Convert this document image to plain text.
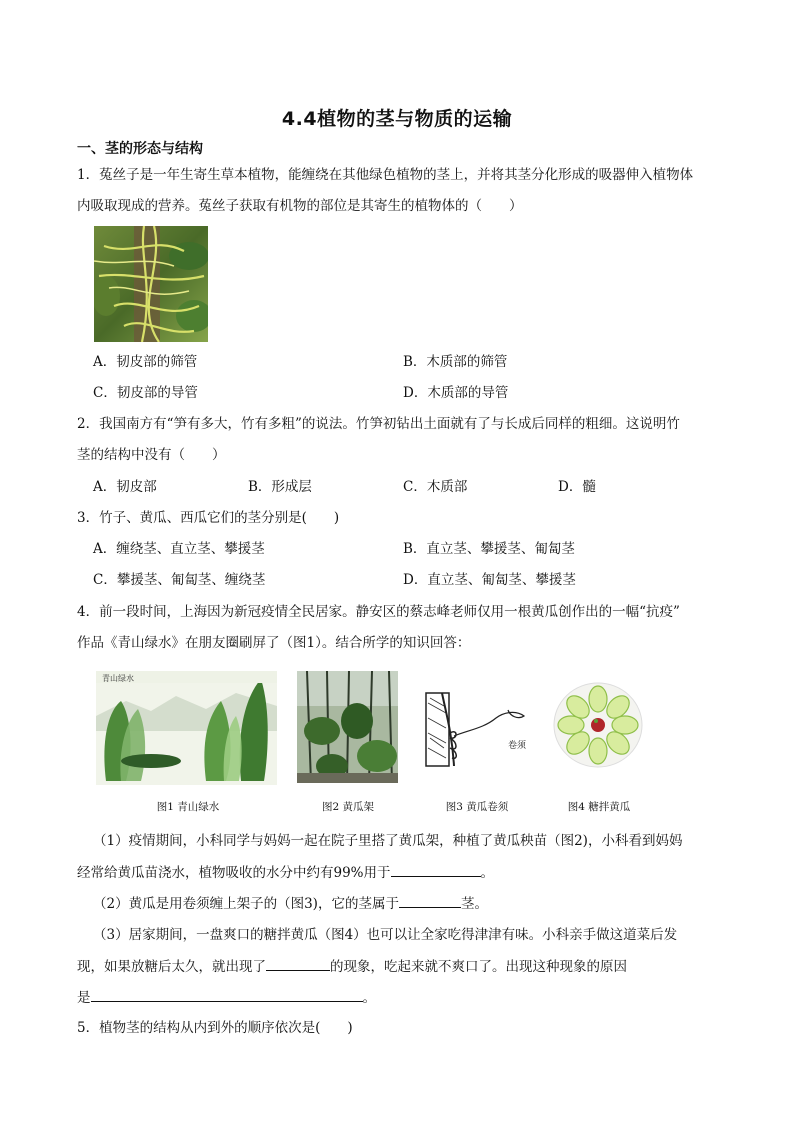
4.4植物的茎与物质的运输
一、茎的形态与结构
1．菟丝子是一年生寄生草本植物，能缠绕在其他绿色植物的茎上，并将其茎分化形成的吸器伸入植物体
内吸取现成的营养。菟丝子获取有机物的部位是其寄生的植物体的（　　）
A．韧皮部的筛管	B．木质部的筛管
C．韧皮部的导管	D．木质部的导管
2．我国南方有“笋有多大，竹有多粗”的说法。竹笋初钻出土面就有了与长成后同样的粗细。这说明竹
茎的结构中没有（　　）
A．韧皮部	B．形成层	C．木质部	D．髓
3．竹子、黄瓜、西瓜它们的茎分别是(　　)
A．缠绕茎、直立茎、攀援茎	B．直立茎、攀援茎、匍匐茎
C．攀援茎、匍匐茎、缠绕茎	D．直立茎、匍匐茎、攀援茎
4．前一段时间，上海因为新冠疫情全民居家。静安区的蔡志峰老师仅用一根黄瓜创作出的一幅“抗疫”
作品《青山绿水》在朋友圈刷屏了（图1）。结合所学的知识回答：
青山绿水
卷须
图1 青山绿水	图2 黄瓜架	图3 黄瓜卷须	图4 糖拌黄瓜
（1）疫情期间，小科同学与妈妈一起在院子里搭了黄瓜架，种植了黄瓜秧苗（图2)，小科看到妈妈
经常给黄瓜苗浇水，植物吸收的水分中约有99%用于	。
（2）黄瓜是用卷须缠上架子的（图3)，它的茎属于	茎。
（3）居家期间，一盘爽口的糖拌黄瓜（图4）也可以让全家吃得津津有味。小科亲手做这道菜后发
现，如果放糖后太久，就出现了	的现象，吃起来就不爽口了。出现这种现象的原因
是	。
5．植物茎的结构从内到外的顺序依次是(　　)
